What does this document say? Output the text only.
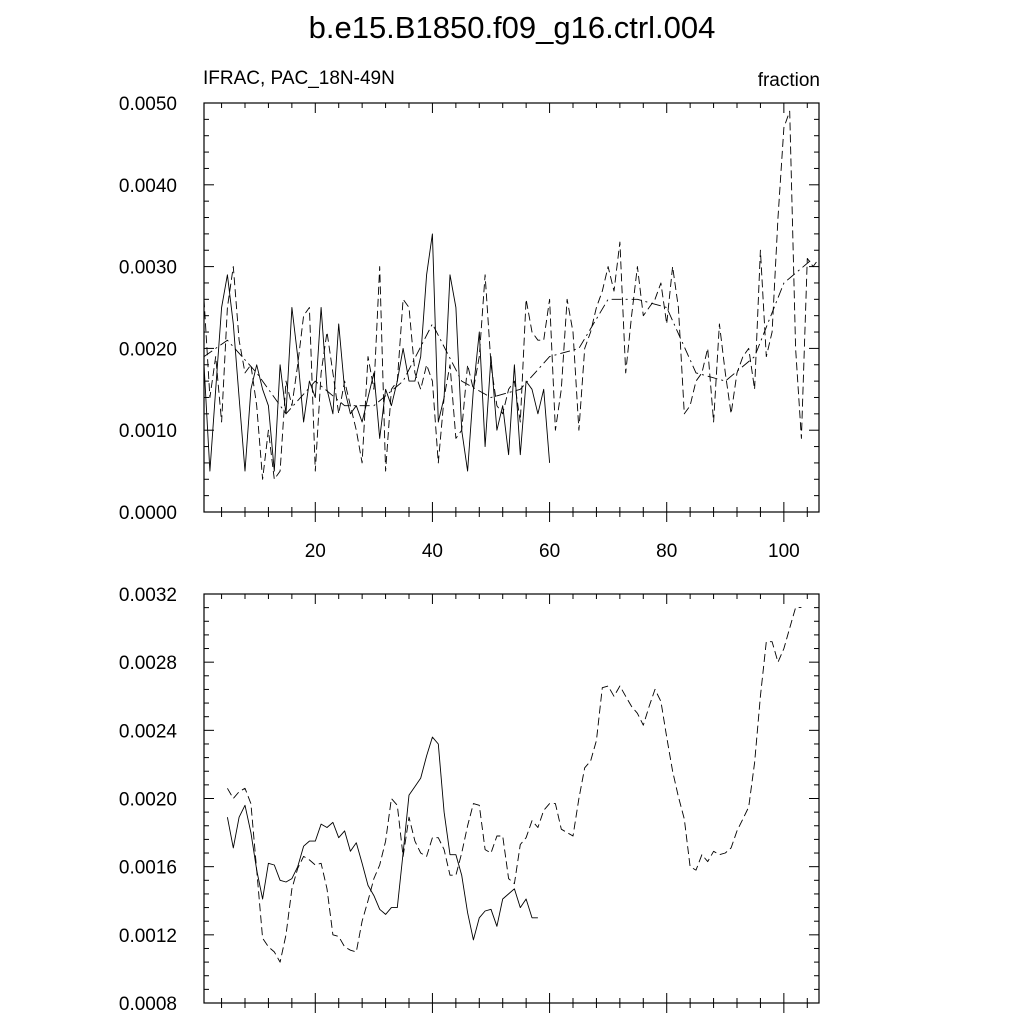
b.e15.B1850.f09_g16.ctrl.004
IFRAC, PAC_18N-49N	fraction
0.0000
0.0010
0.0020
0.0030
0.0040
0.0050
20	40	60	80	100
0.0008
0.0012
0.0016
0.0020
0.0024
0.0028
0.0032
